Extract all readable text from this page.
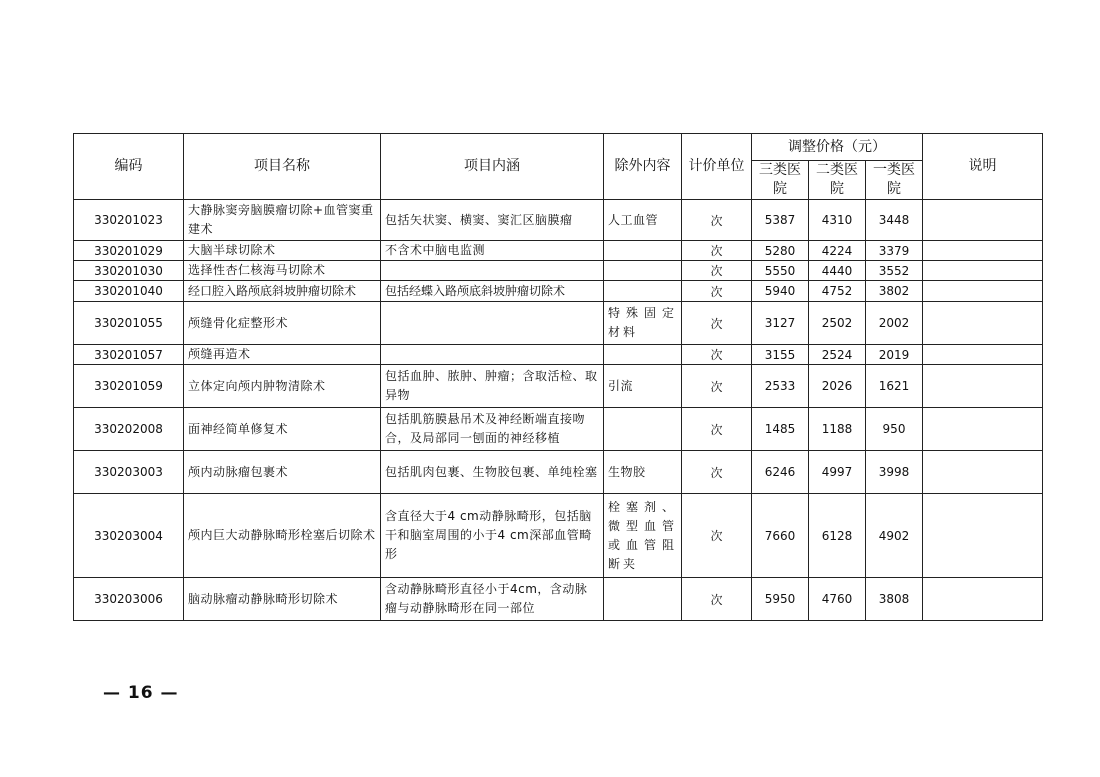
编码	项目名称	项目内涵	除外内容	计价单位	调整价格（元）			说明
					三类医院	二类医院	一类医院	
330201023	大静脉窦旁脑膜瘤切除+血管窦重建术	包括矢状窦、横窦、窦汇区脑膜瘤	人工血管	次	5387	4310	3448	
330201029	大脑半球切除术	不含术中脑电监测		次	5280	4224	3379	
330201030	选择性杏仁核海马切除术			次	5550	4440	3552	
330201040	经口腔入路颅底斜坡肿瘤切除术	包括经蝶入路颅底斜坡肿瘤切除术		次	5940	4752	3802	
330201055	颅缝骨化症整形术		特殊固定材料	次	3127	2502	2002	
330201057	颅缝再造术			次	3155	2524	2019	
330201059	立体定向颅内肿物清除术	包括血肿、脓肿、肿瘤；含取活检、取异物	引流	次	2533	2026	1621	
330202008	面神经简单修复术	包括肌筋膜悬吊术及神经断端直接吻合，及局部同一刨面的神经移植		次	1485	1188	950	
330203003	颅内动脉瘤包裹术	包括肌肉包裹、生物胶包裹、单纯栓塞	生物胶	次	6246	4997	3998	
330203004	颅内巨大动静脉畸形栓塞后切除术	含直径大于4 cm动静脉畸形，包括脑干和脑室周围的小于4 cm深部血管畸形	栓塞剂、微型血管或血管阻断夹	次	7660	6128	4902	
330203006	脑动脉瘤动静脉畸形切除术	含动静脉畸形直径小于4cm，含动脉瘤与动静脉畸形在同一部位		次	5950	4760	3808	
— 16 —
